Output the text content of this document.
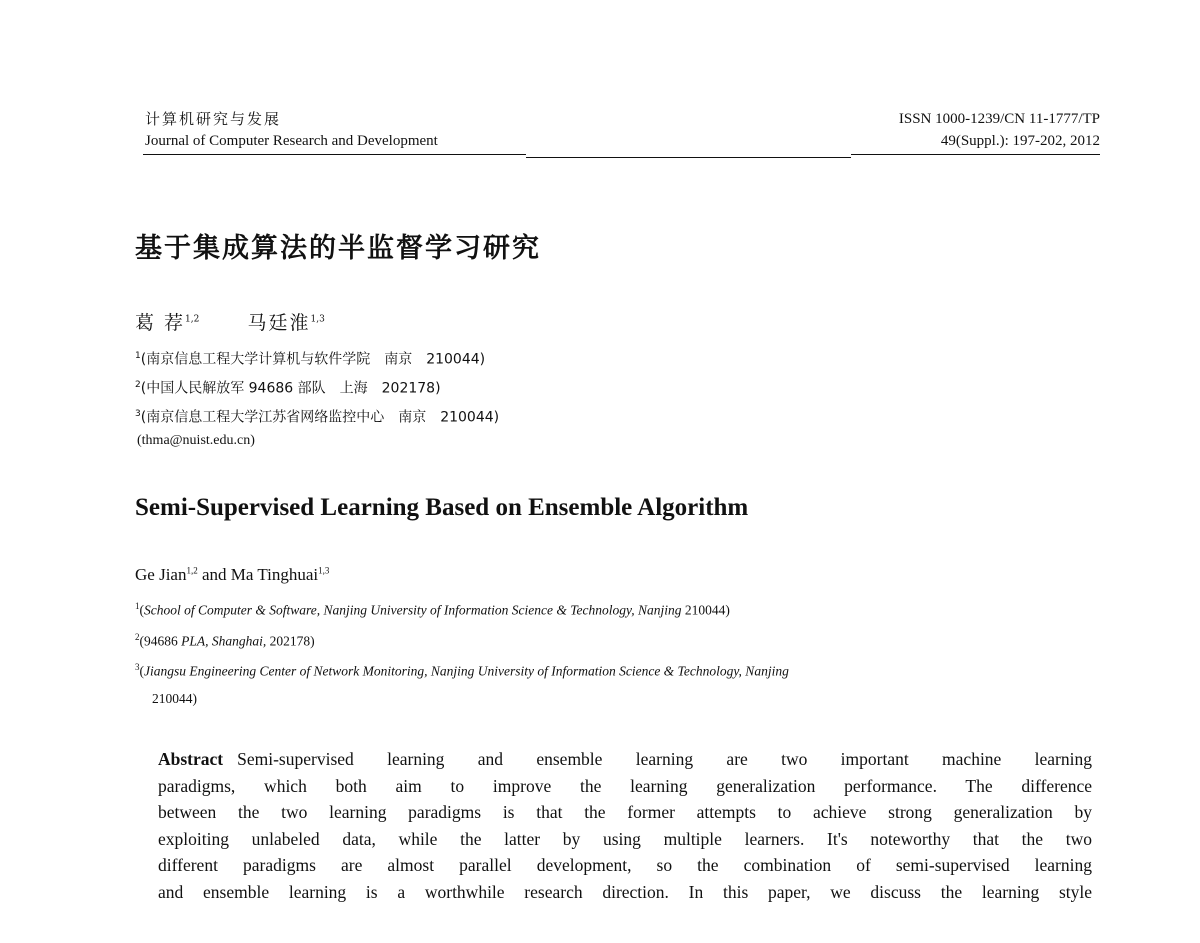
计算机研究与发展
Journal of Computer Research and Development
ISSN 1000-1239/CN 11-1777/TP
49(Suppl.): 197-202, 2012
基于集成算法的半监督学习研究
葛 荐$^{1,2}$	马廷淮$^{1,3}$
$^1$(南京信息工程大学计算机与软件学院　南京　210044)
$^2$(中国人民解放军 94686 部队　上海　202178)
$^3$(南京信息工程大学江苏省网络监控中心　南京　210044)
(thma@nuist.edu.cn)
Semi-Supervised Learning Based on Ensemble Algorithm
Ge Jian$^{1,2}$ and Ma Tinghuai$^{1,3}$
$^1$(School of Computer & Software, Nanjing University of Information Science & Technology, Nanjing 210044)
$^2$(94686 PLA, Shanghai, 202178)
$^3$(Jiangsu Engineering Center of Network Monitoring, Nanjing University of Information Science & Technology, Nanjing
210044)
Abstract Semi-supervised learning and ensemble learning are two important machine learning
paradigms, which both aim to improve the learning generalization performance. The difference
between the two learning paradigms is that the former attempts to achieve strong generalization by
exploiting unlabeled data, while the latter by using multiple learners. It's noteworthy that the two
different paradigms are almost parallel development, so the combination of semi-supervised learning
and ensemble learning is a worthwhile research direction. In this paper, we discuss the learning style
